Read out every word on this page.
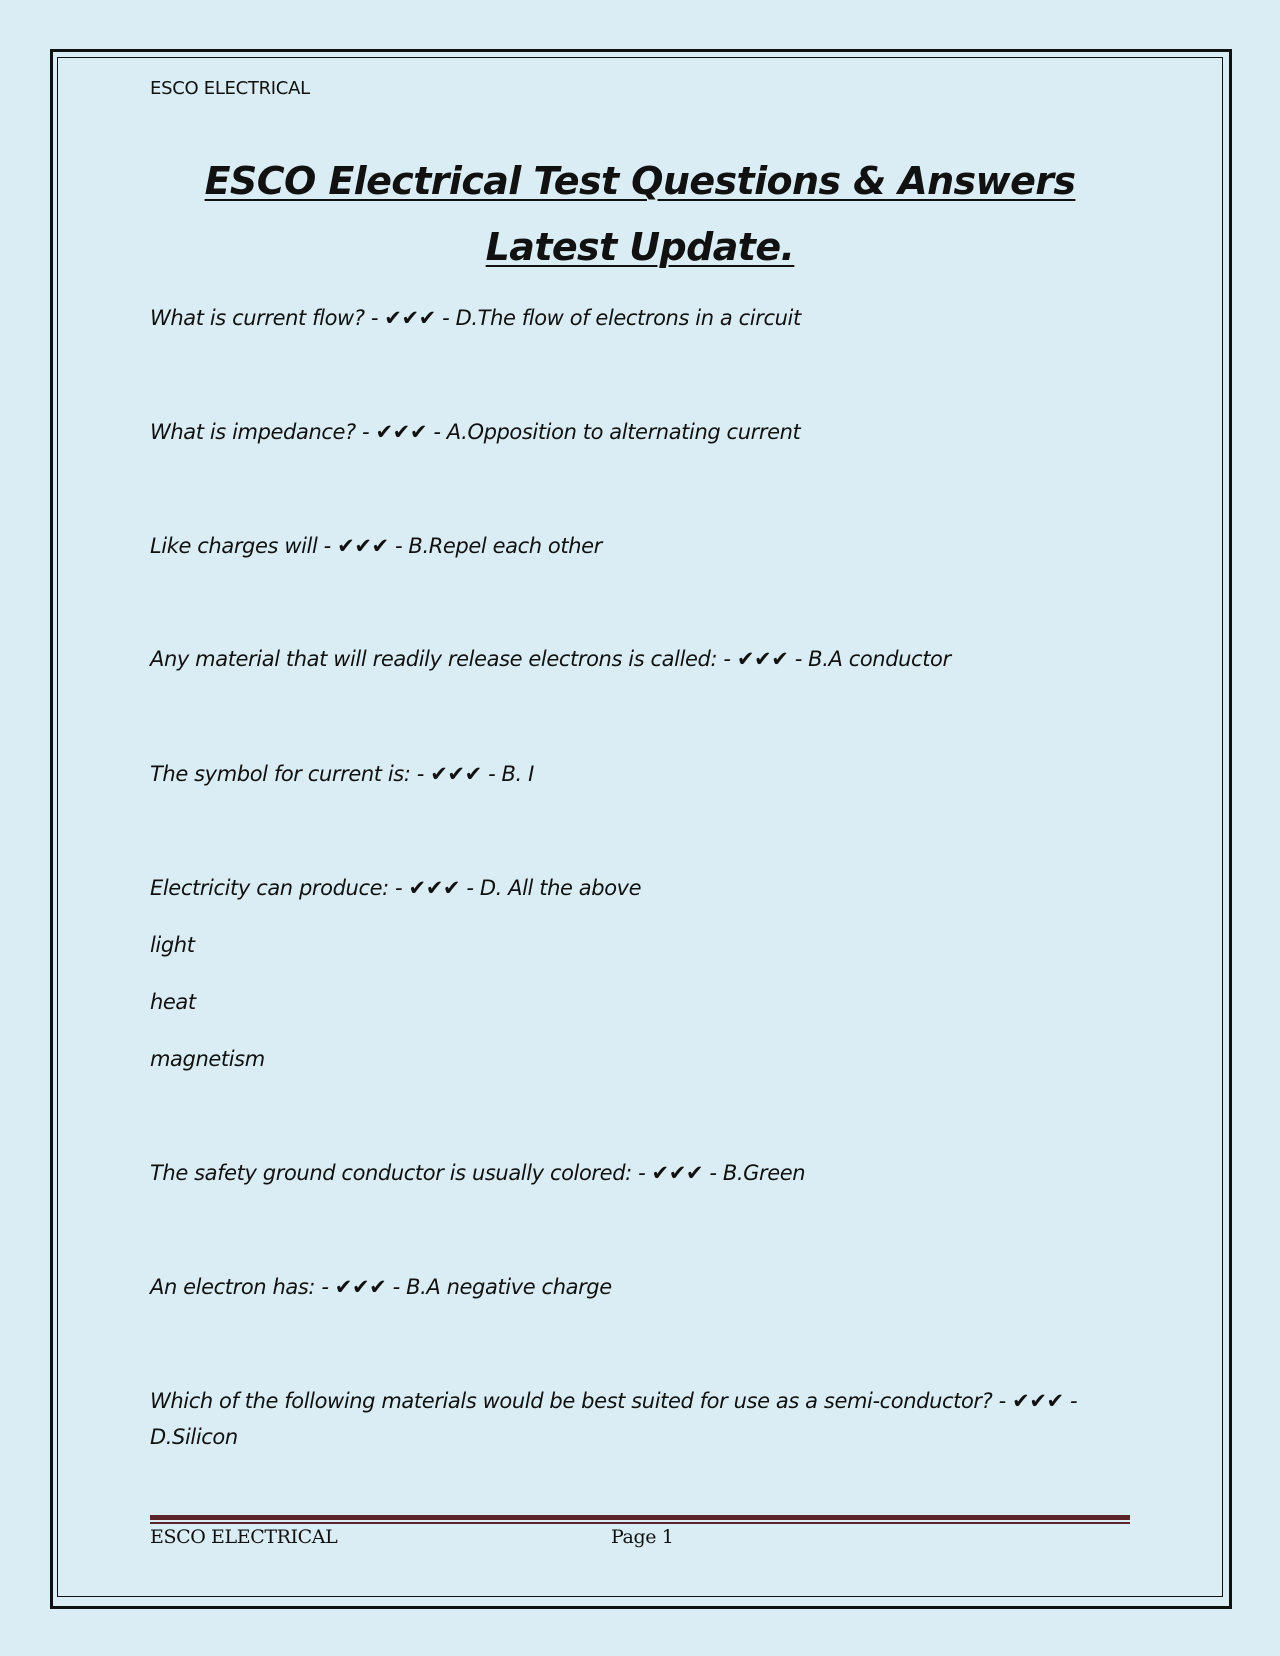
ESCO ELECTRICAL
ESCO Electrical Test Questions & Answers Latest Update.
What is current flow? - ✔✔✔ - D.The flow of electrons in a circuit
What is impedance? - ✔✔✔ - A.Opposition to alternating current
Like charges will - ✔✔✔ - B.Repel each other
Any material that will readily release electrons is called: - ✔✔✔ - B.A conductor
The symbol for current is: - ✔✔✔ - B. I
Electricity can produce: - ✔✔✔ - D. All the above
light
heat
magnetism
The safety ground conductor is usually colored: - ✔✔✔ - B.Green
An electron has: - ✔✔✔ - B.A negative charge
Which of the following materials would be best suited for use as a semi-conductor? - ✔✔✔ - D.Silicon
ESCO ELECTRICAL	Page 1
